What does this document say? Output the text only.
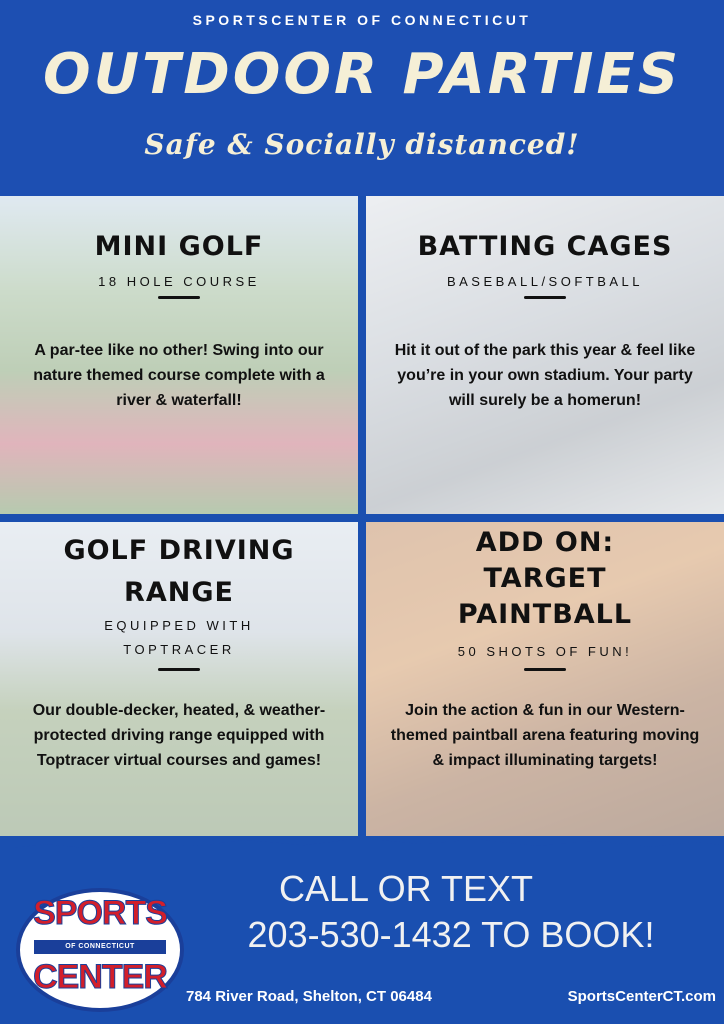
SPORTSCENTER OF CONNECTICUT
OUTDOOR PARTIES
Safe & Socially distanced!
MINI GOLF
18 HOLE COURSE
A par-tee like no other! Swing into our nature themed course complete with a river & waterfall!
BATTING CAGES
BASEBALL/SOFTBALL
Hit it out of the park this year & feel like you’re in your own stadium. Your party will surely be a homerun!
GOLF DRIVING
RANGE
EQUIPPED WITH
TOPTRACER
Our double-decker, heated, & weather-protected driving range equipped with Toptracer virtual courses and games!
ADD ON:
TARGET
PAINTBALL
50 SHOTS OF FUN!
Join the action & fun in our Western-themed paintball arena featuring moving & impact illuminating targets!
SPORTS
OF CONNECTICUT
CENTER
CALL OR TEXT
203-530-1432 TO BOOK!
784 River Road, Shelton, CT 06484	SportsCenterCT.com
